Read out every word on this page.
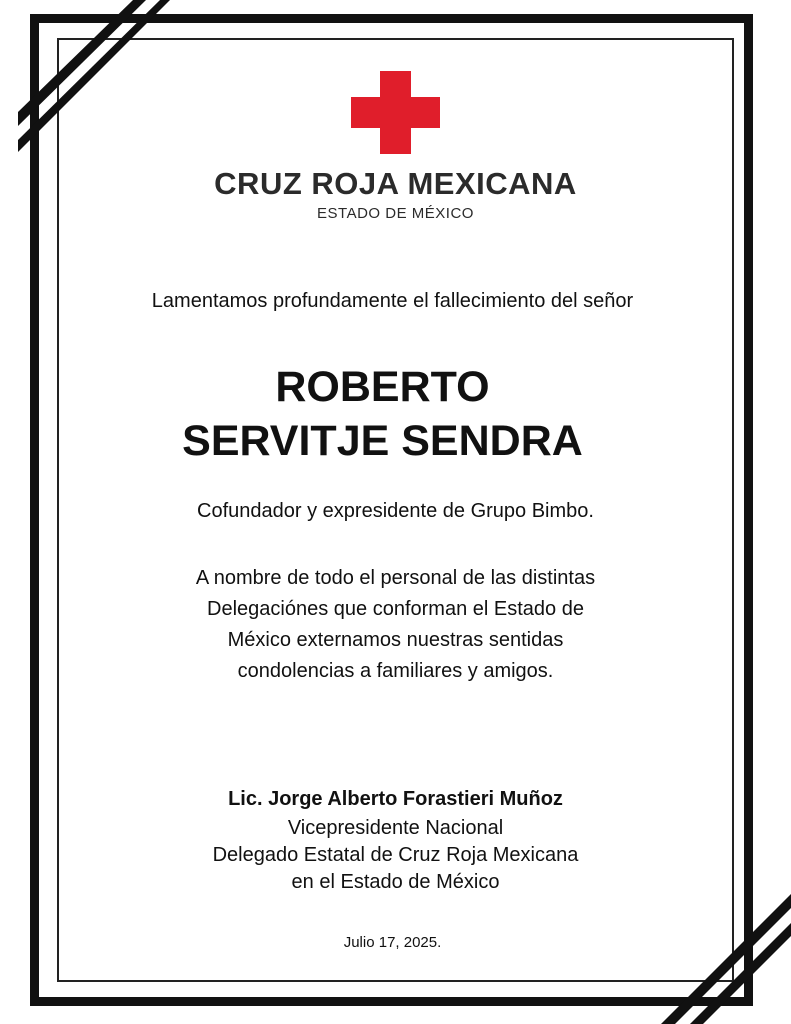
CRUZ ROJA MEXICANA
ESTADO DE MÉXICO
Lamentamos profundamente el fallecimiento del señor
ROBERTO
SERVITJE SENDRA
Cofundador y expresidente de Grupo Bimbo.
A nombre de todo el personal de las distintas
Delegaciónes que conforman el Estado de
México externamos nuestras sentidas
condolencias a familiares y amigos.
Lic. Jorge Alberto Forastieri Muñoz
Vicepresidente Nacional
Delegado Estatal de Cruz Roja Mexicana
en el Estado de México
Julio 17, 2025.
